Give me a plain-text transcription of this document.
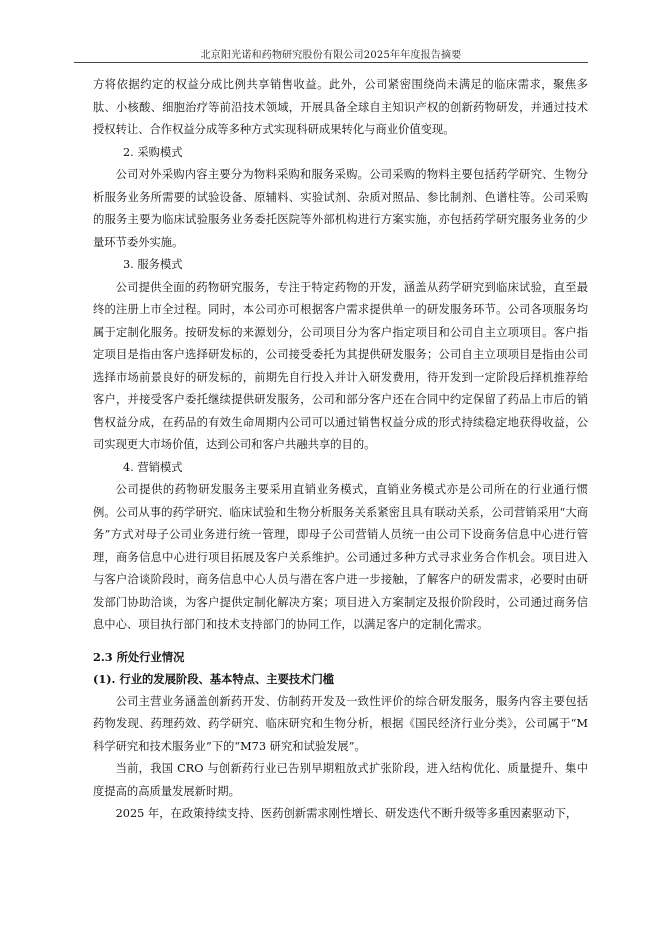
北京阳光诺和药物研究股份有限公司2025年年度报告摘要

方将依据约定的权益分成比例共享销售收益。此外，公司紧密围绕尚未满足的临床需求，聚焦多肽、小核酸、细胞治疗等前沿技术领域，开展具备全球自主知识产权的创新药物研发，并通过技术授权转让、合作权益分成等多种方式实现科研成果转化与商业价值变现。

2. 采购模式

公司对外采购内容主要分为物料采购和服务采购。公司采购的物料主要包括药学研究、生物分析服务业务所需要的试验设备、原辅料、实验试剂、杂质对照品、参比制剂、色谱柱等。公司采购的服务主要为临床试验服务业务委托医院等外部机构进行方案实施，亦包括药学研究服务业务的少量环节委外实施。

3. 服务模式

公司提供全面的药物研究服务，专注于特定药物的开发，涵盖从药学研究到临床试验，直至最终的注册上市全过程。同时，本公司亦可根据客户需求提供单一的研发服务环节。公司各项服务均属于定制化服务。按研发标的来源划分，公司项目分为客户指定项目和公司自主立项项目。客户指定项目是指由客户选择研发标的，公司接受委托为其提供研发服务；公司自主立项项目是指由公司选择市场前景良好的研发标的，前期先自行投入并计入研发费用，待开发到一定阶段后择机推荐给客户，并接受客户委托继续提供研发服务，公司和部分客户还在合同中约定保留了药品上市后的销售权益分成，在药品的有效生命周期内公司可以通过销售权益分成的形式持续稳定地获得收益，公司实现更大市场价值，达到公司和客户共融共享的目的。

4. 营销模式

公司提供的药物研发服务主要采用直销业务模式，直销业务模式亦是公司所在的行业通行惯例。公司从事的药学研究、临床试验和生物分析服务关系紧密且具有联动关系，公司营销采用“大商务”方式对母子公司业务进行统一管理，即母子公司营销人员统一由公司下设商务信息中心进行管理，商务信息中心进行项目拓展及客户关系维护。公司通过多种方式寻求业务合作机会。项目进入与客户洽谈阶段时，商务信息中心人员与潜在客户进一步接触，了解客户的研发需求，必要时由研发部门协助洽谈，为客户提供定制化解决方案；项目进入方案制定及报价阶段时，公司通过商务信息中心、项目执行部门和技术支持部门的协同工作，以满足客户的定制化需求。

2.3 所处行业情况

(1). 行业的发展阶段、基本特点、主要技术门槛

公司主营业务涵盖创新药开发、仿制药开发及一致性评价的综合研发服务，服务内容主要包括药物发现、药理药效、药学研究、临床研究和生物分析，根据《国民经济行业分类》，公司属于“M 科学研究和技术服务业”下的“M73 研究和试验发展”。

当前，我国 CRO 与创新药行业已告别早期粗放式扩张阶段，进入结构优化、质量提升、集中度提高的高质量发展新时期。

2025 年，在政策持续支持、医药创新需求刚性增长、研发迭代不断升级等多重因素驱动下，
